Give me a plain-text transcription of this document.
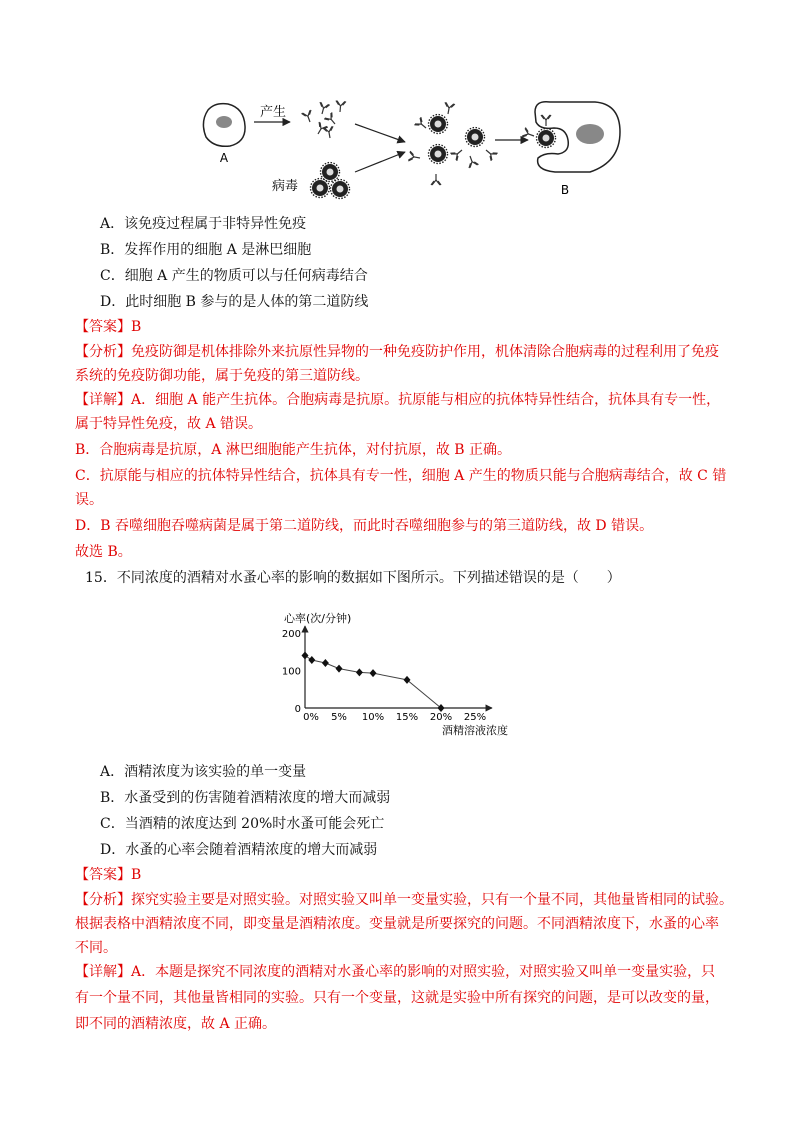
A
产生
病毒	B
A．该免疫过程属于非特异性免疫
B．发挥作用的细胞 A 是淋巴细胞
C．细胞 A 产生的物质可以与任何病毒结合
D．此时细胞 B 参与的是人体的第二道防线
【答案】B
【分析】免疫防御是机体排除外来抗原性异物的一种免疫防护作用，机体清除合胞病毒的过程利用了免疫
系统的免疫防御功能，属于免疫的第三道防线。
【详解】A．细胞 A 能产生抗体。合胞病毒是抗原。抗原能与相应的抗体特异性结合，抗体具有专一性，
属于特异性免疫，故 A 错误。
B．合胞病毒是抗原，A 淋巴细胞能产生抗体，对付抗原，故 B 正确。
C．抗原能与相应的抗体特异性结合，抗体具有专一性，细胞 A 产生的物质只能与合胞病毒结合，故 C 错
误。
D．B 吞噬细胞吞噬病菌是属于第二道防线，而此时吞噬细胞参与的第三道防线，故 D 错误。
故选 B。
15．不同浓度的酒精对水蚤心率的影响的数据如下图所示。下列描述错误的是（　　）
心率(次/分钟)
酒精溶液浓度
0% 5% 10% 15% 20% 25%
0
100
200
A．酒精浓度为该实验的单一变量
B．水蚤受到的伤害随着酒精浓度的增大而减弱
C．当酒精的浓度达到 20%时水蚤可能会死亡
D．水蚤的心率会随着酒精浓度的增大而减弱
【答案】B
【分析】探究实验主要是对照实验。对照实验又叫单一变量实验，只有一个量不同，其他量皆相同的试验。
根据表格中酒精浓度不同，即变量是酒精浓度。变量就是所要探究的问题。不同酒精浓度下，水蚤的心率
不同。
【详解】A．本题是探究不同浓度的酒精对水蚤心率的影响的对照实验，对照实验又叫单一变量实验，只
有一个量不同，其他量皆相同的实验。只有一个变量，这就是实验中所有探究的问题，是可以改变的量，
即不同的酒精浓度，故 A 正确。
